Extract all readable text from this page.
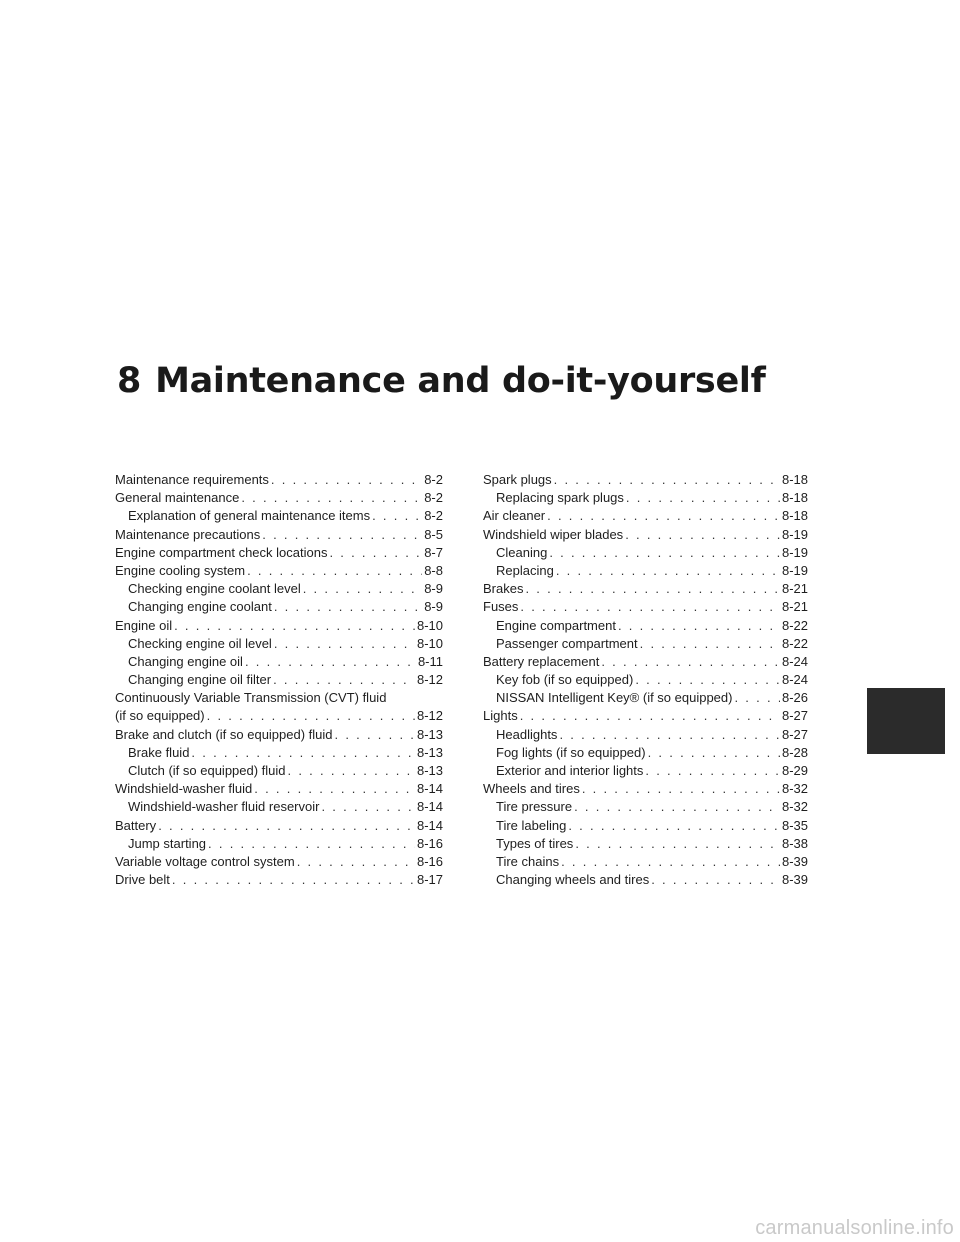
8 Maintenance and do-it-yourself
Maintenance requirements . . .	8-2
General maintenance . . .	8-2
Explanation of general maintenance items . . .	8-2
Maintenance precautions . . .	8-5
Engine compartment check locations . . .	8-7
Engine cooling system . . .	8-8
Checking engine coolant level . . .	8-9
Changing engine coolant . . .	8-9
Engine oil . . .	8-10
Checking engine oil level . . .	8-10
Changing engine oil . . .	8-11
Changing engine oil filter . . .	8-12
Continuously Variable Transmission (CVT) fluid
(if so equipped) . . .	8-12
Brake and clutch (if so equipped) fluid . . .	8-13
Brake fluid . . .	8-13
Clutch (if so equipped) fluid . . .	8-13
Windshield-washer fluid . . .	8-14
Windshield-washer fluid reservoir . . .	8-14
Battery . . .	8-14
Jump starting . . .	8-16
Variable voltage control system . . .	8-16
Drive belt . . .	8-17
Spark plugs . . .	8-18
Replacing spark plugs . . .	8-18
Air cleaner . . .	8-18
Windshield wiper blades . . .	8-19
Cleaning . . .	8-19
Replacing . . .	8-19
Brakes . . .	8-21
Fuses . . .	8-21
Engine compartment . . .	8-22
Passenger compartment . . .	8-22
Battery replacement . . .	8-24
Key fob (if so equipped) . . .	8-24
NISSAN Intelligent Key® (if so equipped) . . .	8-26
Lights . . .	8-27
Headlights . . .	8-27
Fog lights (if so equipped) . . .	8-28
Exterior and interior lights . . .	8-29
Wheels and tires . . .	8-32
Tire pressure . . .	8-32
Tire labeling . . .	8-35
Types of tires . . .	8-38
Tire chains . . .	8-39
Changing wheels and tires . . .	8-39
carmanualsonline.info
